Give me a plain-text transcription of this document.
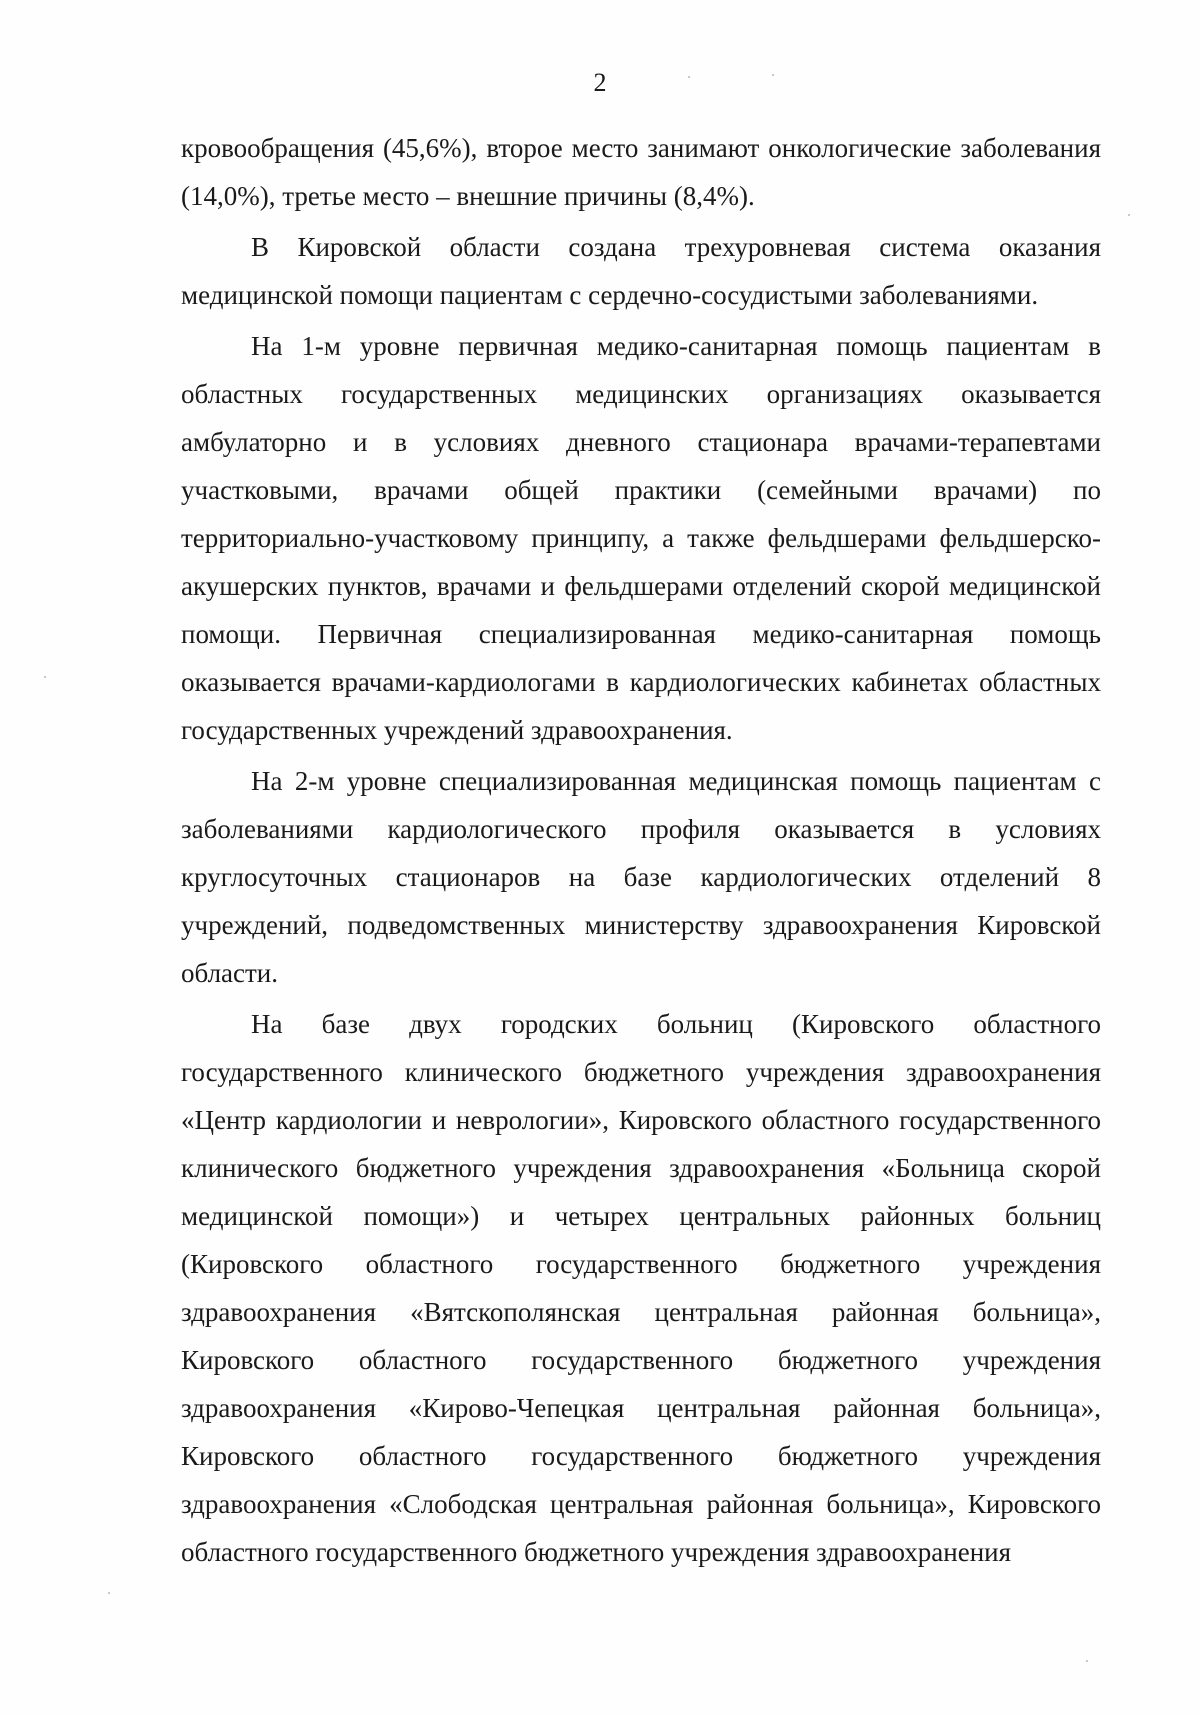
2

кровообращения (45,6%), второе место занимают онкологические заболевания (14,0%), третье место – внешние причины (8,4%).

В Кировской области создана трехуровневая система оказания медицинской помощи пациентам с сердечно-сосудистыми заболеваниями.

На 1-м уровне первичная медико-санитарная помощь пациентам в областных государственных медицинских организациях оказывается амбулаторно и в условиях дневного стационара врачами-терапевтами участковыми, врачами общей практики (семейными врачами) по территориально-участковому принципу, а также фельдшерами фельдшерско-акушерских пунктов, врачами и фельдшерами отделений скорой медицинской помощи. Первичная специализированная медико-санитарная помощь оказывается врачами-кардиологами в кардиологических кабинетах областных государственных учреждений здравоохранения.

На 2-м уровне специализированная медицинская помощь пациентам с заболеваниями кардиологического профиля оказывается в условиях круглосуточных стационаров на базе кардиологических отделений 8 учреждений, подведомственных министерству здравоохранения Кировской области.

На базе двух городских больниц (Кировского областного государственного клинического бюджетного учреждения здравоохранения «Центр кардиологии и неврологии», Кировского областного государственного клинического бюджетного учреждения здравоохранения «Больница скорой медицинской помощи») и четырех центральных районных больниц (Кировского областного государственного бюджетного учреждения здравоохранения «Вятскополянская центральная районная больница», Кировского областного государственного бюджетного учреждения здравоохранения «Кирово-Чепецкая центральная районная больница», Кировского областного государственного бюджетного учреждения здравоохранения «Слободская центральная районная больница», Кировского областного государственного бюджетного учреждения здравоохранения
